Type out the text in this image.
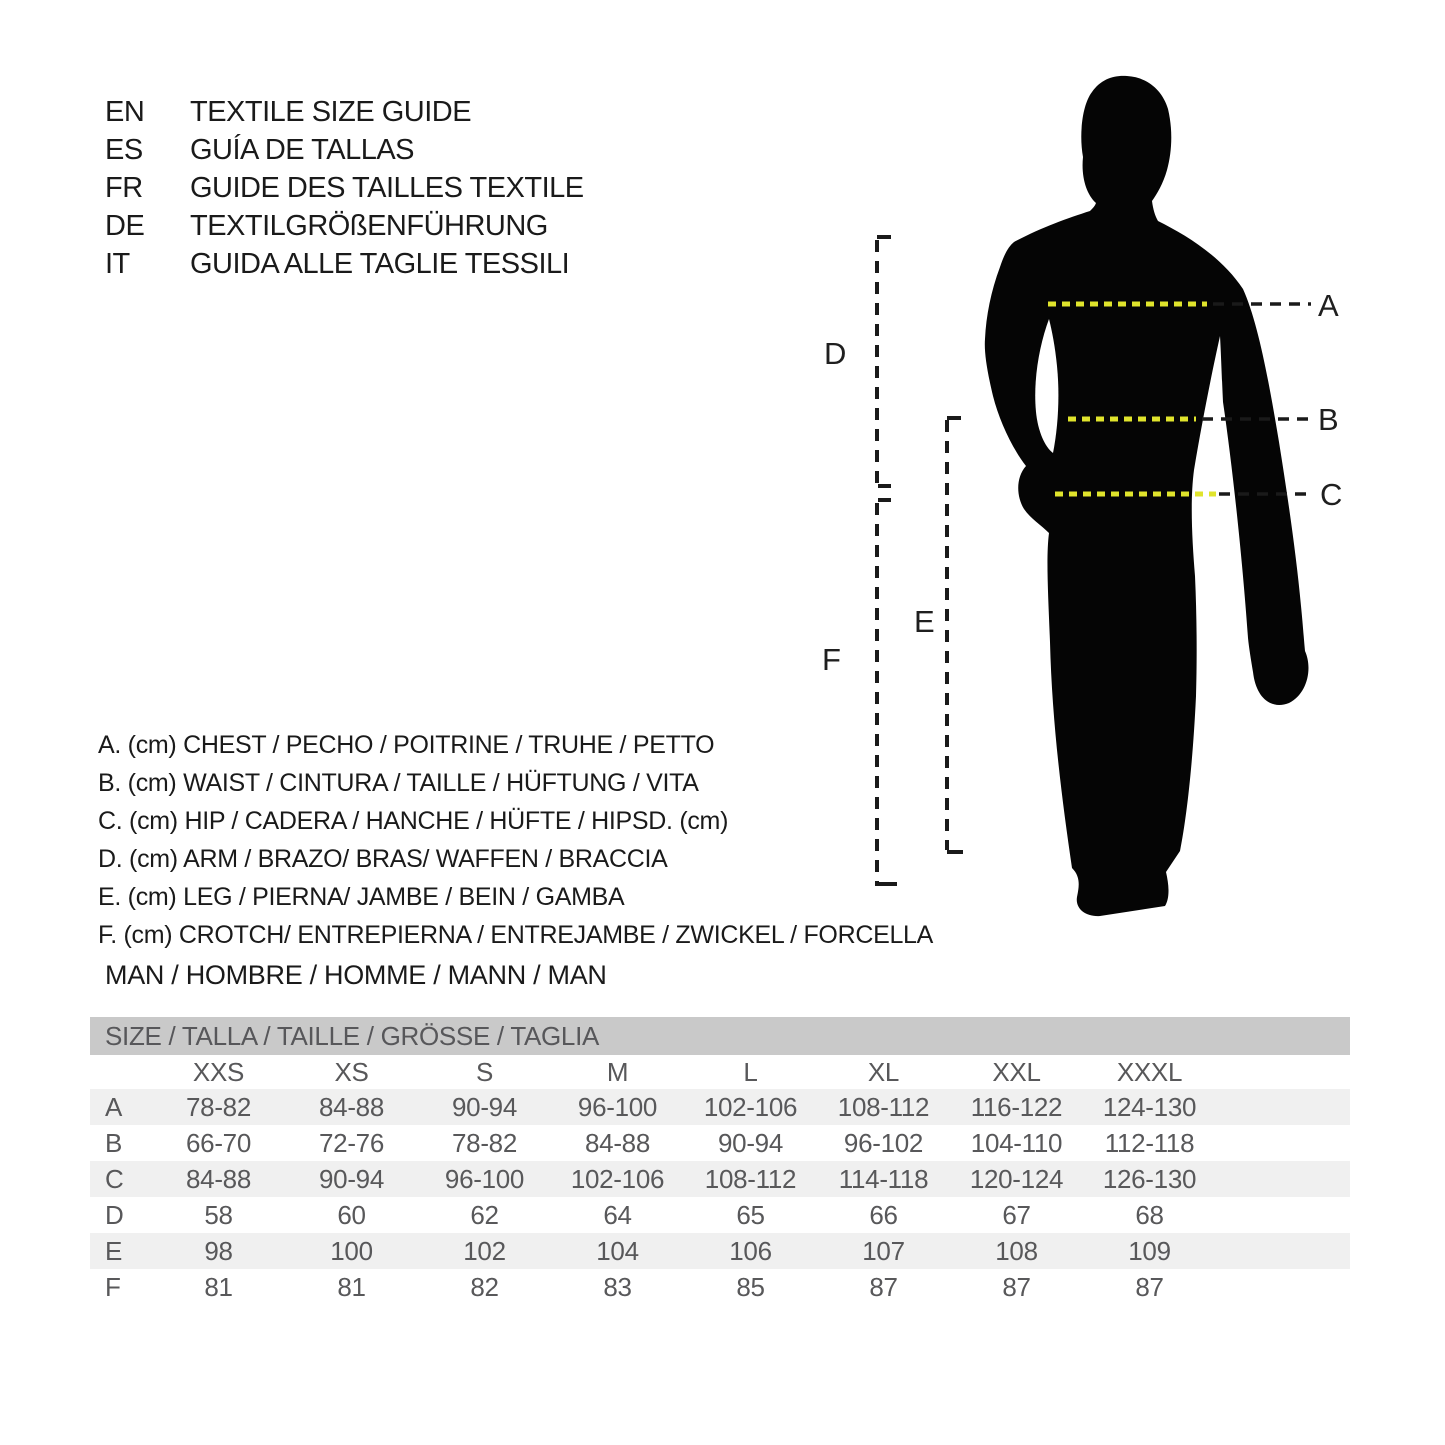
EN	TEXTILE SIZE GUIDE
ES	GUÍA DE TALLAS
FR	GUIDE DES TAILLES TEXTILE
DE	TEXTILGRÖßENFÜHRUNG
IT	GUIDA ALLE TAGLIE TESSILI
A
B
C
D
E
F
A. (cm) CHEST / PECHO / POITRINE / TRUHE / PETTO
B. (cm) WAIST / CINTURA / TAILLE / HÜFTUNG / VITA
C. (cm) HIP / CADERA / HANCHE / HÜFTE / HIPSD. (cm)
D. (cm) ARM / BRAZO/ BRAS/ WAFFEN / BRACCIA
E. (cm) LEG / PIERNA/ JAMBE / BEIN / GAMBA
F. (cm) CROTCH/ ENTREPIERNA / ENTREJAMBE / ZWICKEL / FORCELLA
MAN / HOMBRE / HOMME / MANN / MAN
SIZE / TALLA / TAILLE / GRÖSSE / TAGLIA
XXS	XS	S	M	L	XL	XXL	XXXL
A	78-82	84-88	90-94	96-100	102-106	108-112	116-122	124-130
B	66-70	72-76	78-82	84-88	90-94	96-102	104-110	112-118
C	84-88	90-94	96-100	102-106	108-112	114-118	120-124	126-130
D	58	60	62	64	65	66	67	68
E	98	100	102	104	106	107	108	109
F	81	81	82	83	85	87	87	87
